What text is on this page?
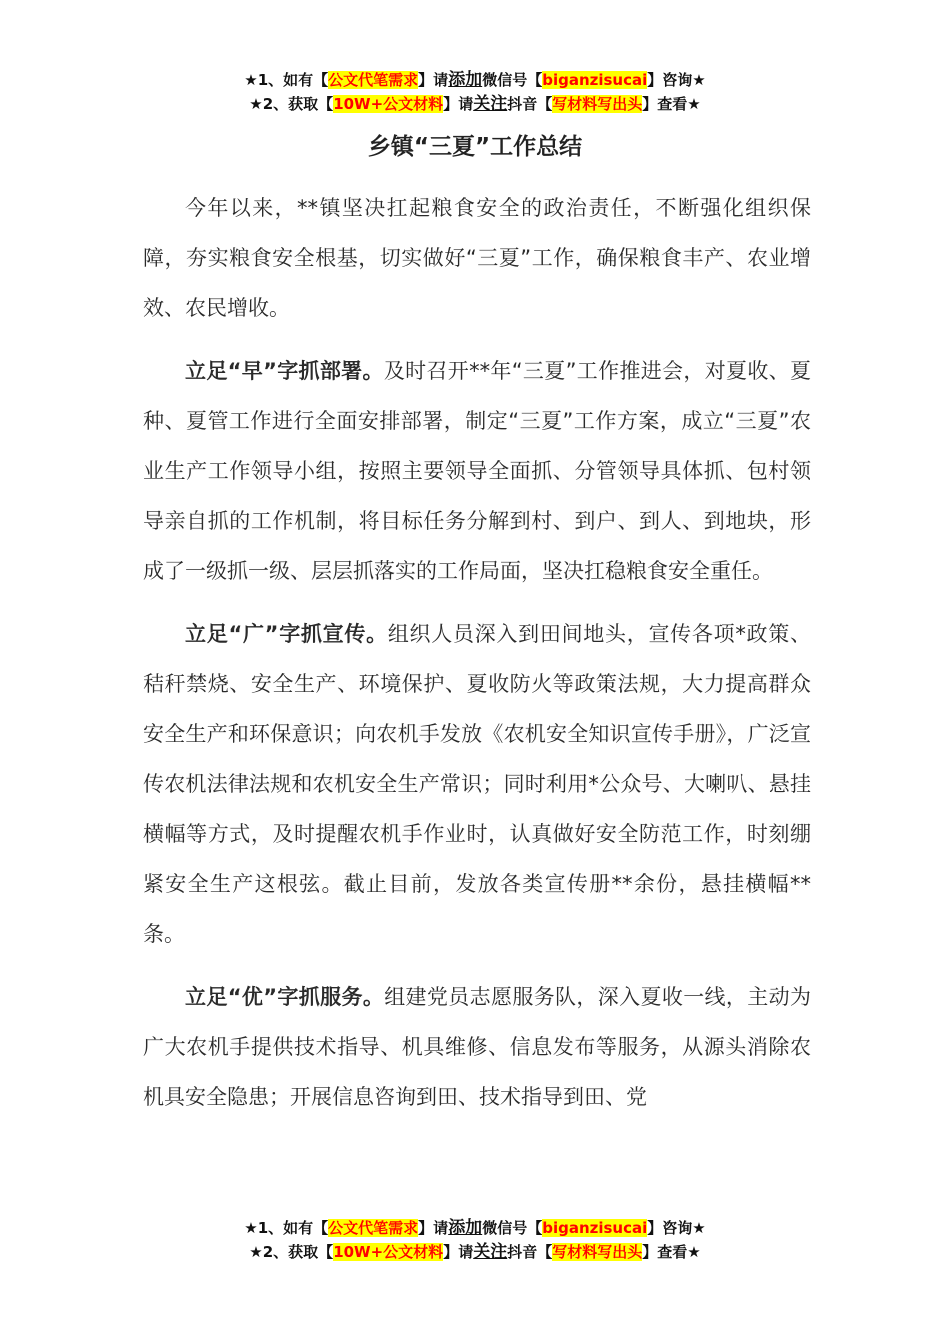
★1、如有【公文代笔需求】请添加微信号【biganzisucai】咨询★
★2、获取【10W+公文材料】请关注抖音【写材料写出头】查看★
乡镇“三夏”工作总结

今年以来，**镇坚决扛起粮食安全的政治责任，不断强化组织保障，夯实粮食安全根基，切实做好“三夏”工作，确保粮食丰产、农业增效、农民增收。

立足“早”字抓部署。及时召开**年“三夏”工作推进会，对夏收、夏种、夏管工作进行全面安排部署，制定“三夏”工作方案，成立“三夏”农业生产工作领导小组，按照主要领导全面抓、分管领导具体抓、包村领导亲自抓的工作机制，将目标任务分解到村、到户、到人、到地块，形成了一级抓一级、层层抓落实的工作局面，坚决扛稳粮食安全重任。

立足“广”字抓宣传。组织人员深入到田间地头，宣传各项*政策、秸秆禁烧、安全生产、环境保护、夏收防火等政策法规，大力提高群众安全生产和环保意识；向农机手发放《农机安全知识宣传手册》，广泛宣传农机法律法规和农机安全生产常识；同时利用*公众号、大喇叭、悬挂横幅等方式，及时提醒农机手作业时，认真做好安全防范工作，时刻绷紧安全生产这根弦。截止目前，发放各类宣传册**余份，悬挂横幅**条。

立足“优”字抓服务。组建党员志愿服务队，深入夏收一线，主动为广大农机手提供技术指导、机具维修、信息发布等服务，从源头消除农机具安全隐患；开展信息咨询到田、技术指导到田、党

★1、如有【公文代笔需求】请添加微信号【biganzisucai】咨询★
★2、获取【10W+公文材料】请关注抖音【写材料写出头】查看★
